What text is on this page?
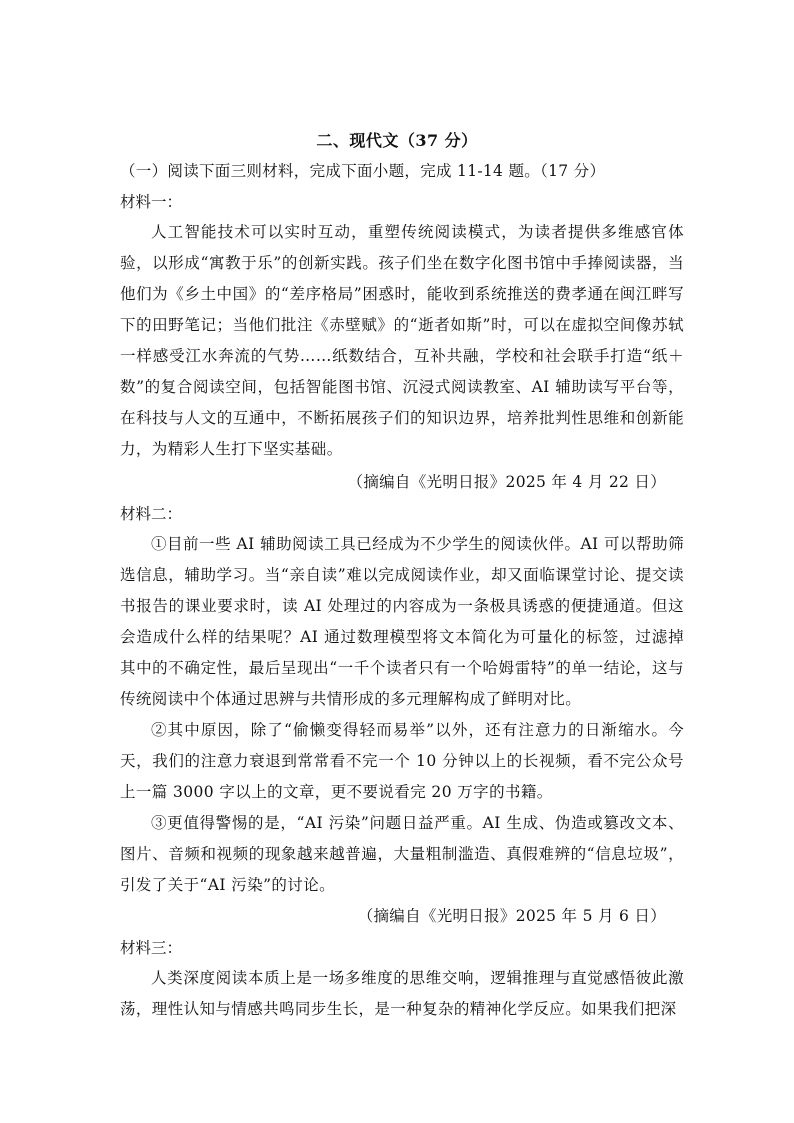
二、现代文（37 分）
（一）阅读下面三则材料，完成下面小题，完成 11-14 题。（17 分）
材料一：
人工智能技术可以实时互动，重塑传统阅读模式，为读者提供多维感官体验，以形成“寓教于乐”的创新实践。孩子们坐在数字化图书馆中手捧阅读器，当他们为《乡土中国》的“差序格局”困惑时，能收到系统推送的费孝通在闽江畔写下的田野笔记；当他们批注《赤壁赋》的“逝者如斯”时，可以在虚拟空间像苏轼一样感受江水奔流的气势……纸数结合，互补共融，学校和社会联手打造“纸＋数”的复合阅读空间，包括智能图书馆、沉浸式阅读教室、AI 辅助读写平台等，在科技与人文的互通中，不断拓展孩子们的知识边界，培养批判性思维和创新能力，为精彩人生打下坚实基础。
（摘编自《光明日报》2025 年 4 月 22 日）
材料二：
①目前一些 AI 辅助阅读工具已经成为不少学生的阅读伙伴。AI 可以帮助筛选信息，辅助学习。当“亲自读”难以完成阅读作业，却又面临课堂讨论、提交读书报告的课业要求时，读 AI 处理过的内容成为一条极具诱惑的便捷通道。但这会造成什么样的结果呢？AI 通过数理模型将文本简化为可量化的标签，过滤掉其中的不确定性，最后呈现出“一千个读者只有一个哈姆雷特”的单一结论，这与传统阅读中个体通过思辨与共情形成的多元理解构成了鲜明对比。
②其中原因，除了“偷懒变得轻而易举”以外，还有注意力的日渐缩水。今天，我们的注意力衰退到常常看不完一个 10 分钟以上的长视频，看不完公众号上一篇 3000 字以上的文章，更不要说看完 20 万字的书籍。
③更值得警惕的是，“AI 污染”问题日益严重。AI 生成、伪造或篡改文本、图片、音频和视频的现象越来越普遍，大量粗制滥造、真假难辨的“信息垃圾”，引发了关于“AI 污染”的讨论。
（摘编自《光明日报》2025 年 5 月 6 日）
材料三：
人类深度阅读本质上是一场多维度的思维交响，逻辑推理与直觉感悟彼此激荡，理性认知与情感共鸣同步生长，是一种复杂的精神化学反应。如果我们把深
